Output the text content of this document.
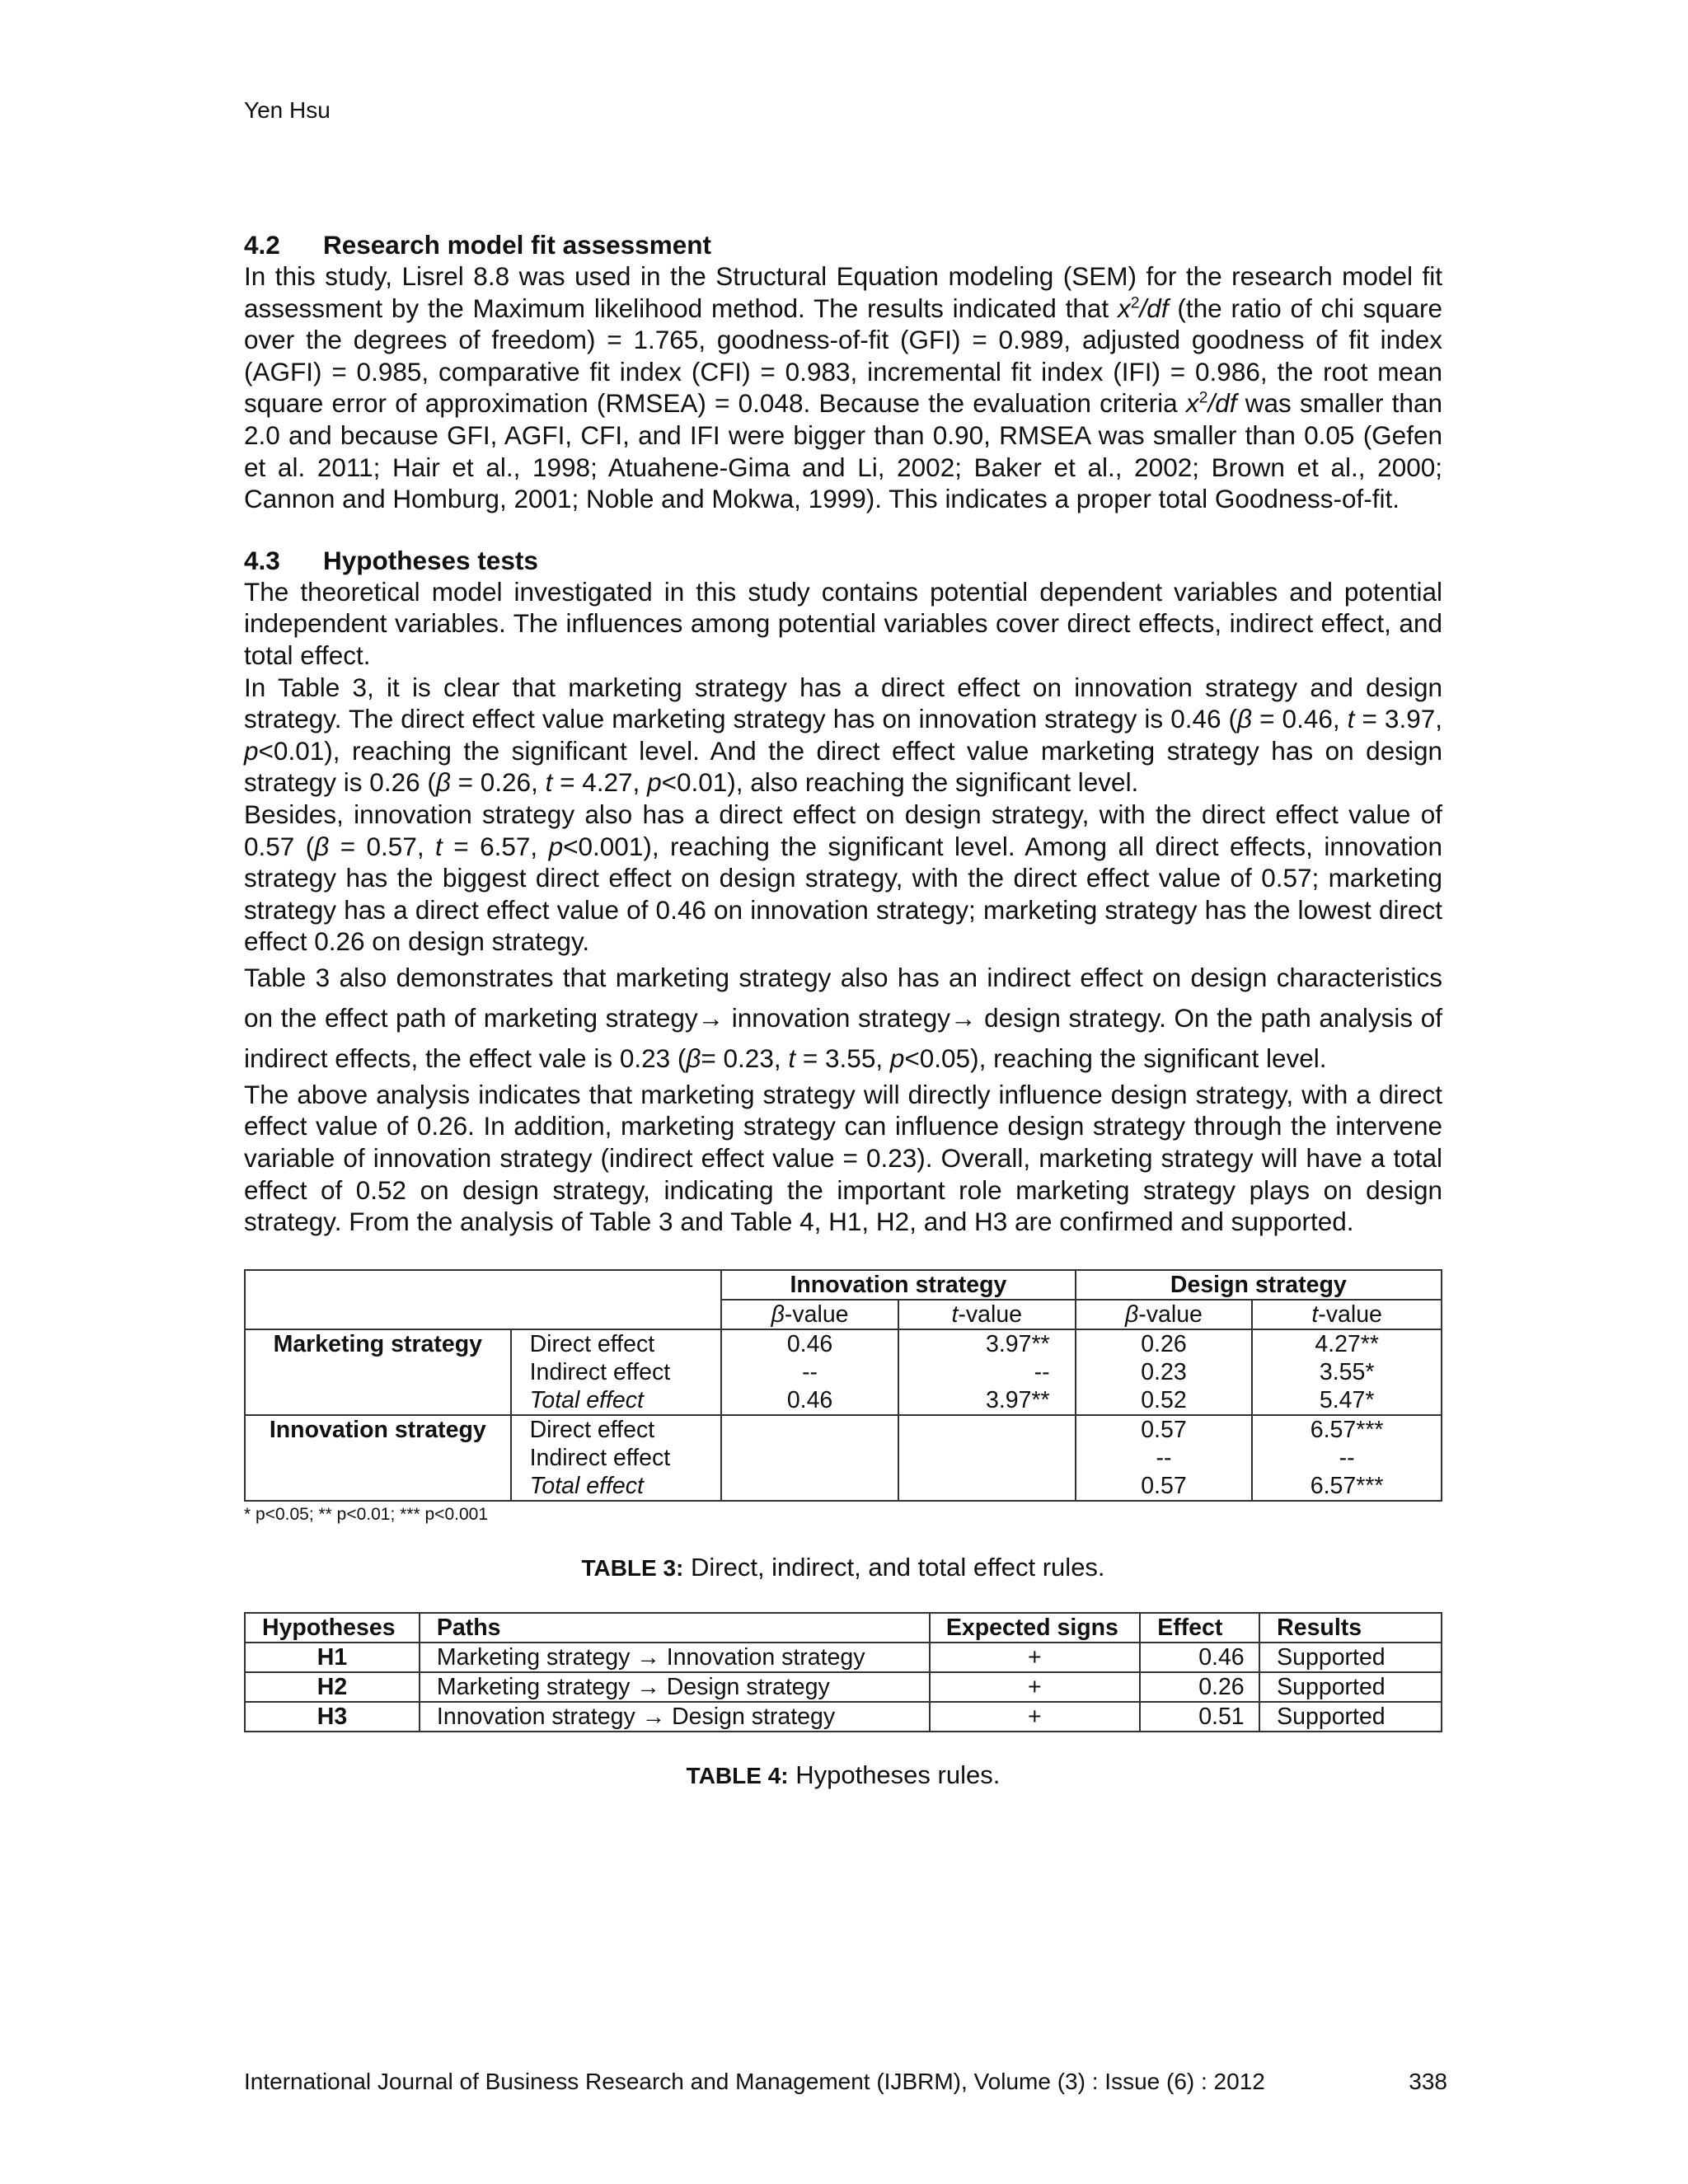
Yen Hsu
4.2 Research model fit assessment

In this study, Lisrel 8.8 was used in the Structural Equation modeling (SEM) for the research model fit assessment by the Maximum likelihood method. The results indicated that $x^2/df$ (the ratio of chi square over the degrees of freedom) = 1.765, goodness-of-fit (GFI) = 0.989, adjusted goodness of fit index (AGFI) = 0.985, comparative fit index (CFI) = 0.983, incremental fit index (IFI) = 0.986, the root mean square error of approximation (RMSEA) = 0.048. Because the evaluation criteria $x^2/df$ was smaller than 2.0 and because GFI, AGFI, CFI, and IFI were bigger than 0.90, RMSEA was smaller than 0.05 (Gefen et al. 2011; Hair et al., 1998; Atuahene-Gima and Li, 2002; Baker et al., 2002; Brown et al., 2000; Cannon and Homburg, 2001; Noble and Mokwa, 1999). This indicates a proper total Goodness-of-fit.

4.3 Hypotheses tests

The theoretical model investigated in this study contains potential dependent variables and potential independent variables. The influences among potential variables cover direct effects, indirect effect, and total effect.

In Table 3, it is clear that marketing strategy has a direct effect on innovation strategy and design strategy. The direct effect value marketing strategy has on innovation strategy is 0.46 (β = 0.46, t = 3.97, p<0.01), reaching the significant level. And the direct effect value marketing strategy has on design strategy is 0.26 (β = 0.26, t = 4.27, p<0.01), also reaching the significant level.

Besides, innovation strategy also has a direct effect on design strategy, with the direct effect value of 0.57 (β = 0.57, t = 6.57, p<0.001), reaching the significant level. Among all direct effects, innovation strategy has the biggest direct effect on design strategy, with the direct effect value of 0.57; marketing strategy has a direct effect value of 0.46 on innovation strategy; marketing strategy has the lowest direct effect 0.26 on design strategy.

Table 3 also demonstrates that marketing strategy also has an indirect effect on design characteristics on the effect path of marketing strategy→ innovation strategy→ design strategy. On the path analysis of indirect effects, the effect vale is 0.23 (β= 0.23, t = 3.55, p<0.05), reaching the significant level.

The above analysis indicates that marketing strategy will directly influence design strategy, with a direct effect value of 0.26. In addition, marketing strategy can influence design strategy through the intervene variable of innovation strategy (indirect effect value = 0.23). Overall, marketing strategy will have a total effect of 0.52 on design strategy, indicating the important role marketing strategy plays on design strategy. From the analysis of Table 3 and Table 4, H1, H2, and H3 are confirmed and supported.

		Innovation strategy		Design strategy	
		β-value	t-value	β-value	t-value
Marketing strategy	Direct effect	0.46	3.97**	0.26	4.27**
	Indirect effect	--	--	0.23	3.55*
	Total effect	0.46	3.97**	0.52	5.47*
Innovation strategy	Direct effect			0.57	6.57***
	Indirect effect			--	--
	Total effect			0.57	6.57***
* p<0.05; ** p<0.01; *** p<0.001
TABLE 3: Direct, indirect, and total effect rules.
Hypotheses	Paths	Expected signs	Effect	Results
H1	Marketing strategy → Innovation strategy	+	0.46	Supported
H2	Marketing strategy → Design strategy	+	0.26	Supported
H3	Innovation strategy → Design strategy	+	0.51	Supported
TABLE 4: Hypotheses rules.
International Journal of Business Research and Management (IJBRM), Volume (3) : Issue (6) : 2012	338
